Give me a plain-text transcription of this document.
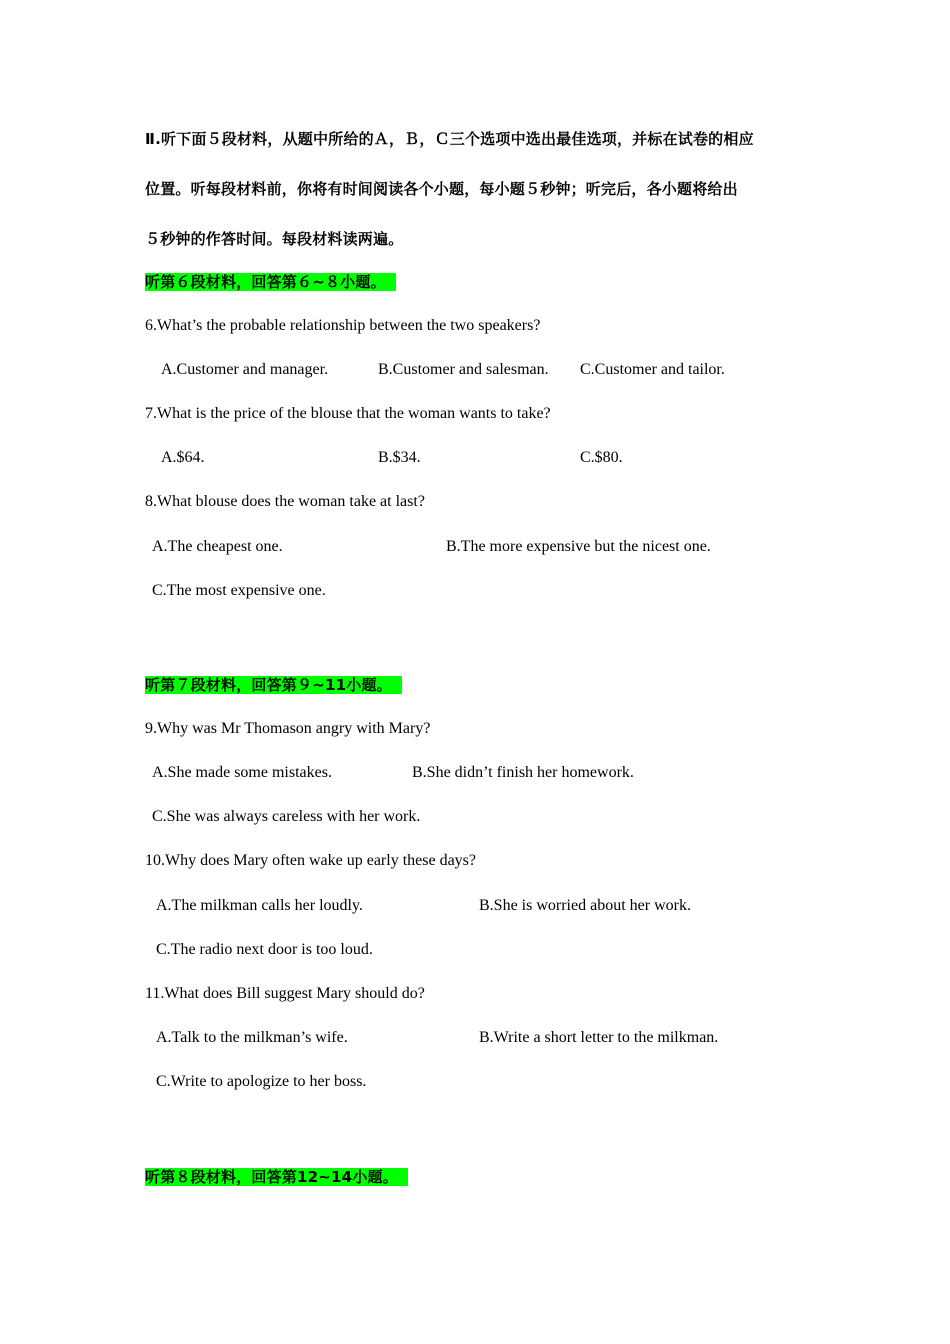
Ⅱ.听下面５段材料，从题中所给的Ａ，Ｂ，Ｃ三个选项中选出最佳选项，并标在试卷的相应
位置。听每段材料前，你将有时间阅读各个小题，每小题５秒钟；听完后，各小题将给出
５秒钟的作答时间。每段材料读两遍。
听第６段材料，回答第６~８小题。
6.What’s the probable relationship between the two speakers?
A.Customer and manager.	B.Customer and salesman. C.Customer and tailor.
7.What is the price of the blouse that the woman wants to take?
A.$64.	B.$34.	C.$80.
8.What blouse does the woman take at last?
A.The cheapest one.	B.The more expensive but the nicest one.
C.The most expensive one.
听第７段材料，回答第９~11小题。
9.Why was Mr Thomason angry with Mary?
A.She made some mistakes.	B.She didn’t finish her homework.
C.She was always careless with her work.
10.Why does Mary often wake up early these days?
A.The milkman calls her loudly.	B.She is worried about her work.
C.The radio next door is too loud.
11.What does Bill suggest Mary should do?
A.Talk to the milkman’s wife.	B.Write a short letter to the milkman.
C.Write to apologize to her boss.
听第８段材料，回答第12~14小题。
